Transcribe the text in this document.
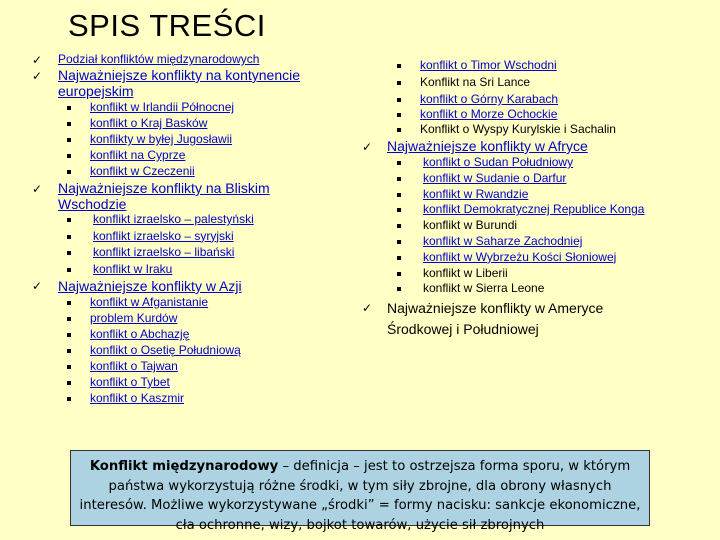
SPIS TREŚCI
✓ Podział konfliktów międzynarodowych
✓ Najważniejsze konflikty na kontynencie
europejskim
konflikt w Irlandii Północnej
konflikt o Kraj Basków
konflikty w byłej Jugosławii
konflikt na Cyprze
konflikt w Czeczenii
✓ Najważniejsze konflikty na Bliskim
Wschodzie
konflikt izraelsko – palestyński
konflikt izraelsko – syryjski
konflikt izraelsko – libański
konflikt w Iraku
✓ Najważniejsze konflikty w Azji
konflikt w Afganistanie
problem Kurdów
konflikt o Abchazję
konflikt o Osetię Południową
konflikt o Tajwan
konflikt o Tybet
konflikt o Kaszmir
konflikt o Timor Wschodni
Konflikt na Sri Lance
konflikt o Górny Karabach
konflikt o Morze Ochockie
Konflikt o Wyspy Kurylskie i Sachalin
✓ Najważniejsze konflikty w Afryce
konflikt o Sudan Południowy
konflikt w Sudanie o Darfur
konflikt w Rwandzie
konflikt Demokratycznej Republice Konga
konflikt w Burundi
konflikt w Saharze Zachodniej
konflikt w Wybrzeżu Kości Słoniowej
konflikt w Liberii
konflikt w Sierra Leone
✓ Najważniejsze konflikty w Ameryce
Środkowej i Południowej
Konflikt międzynarodowy – definicja – jest to ostrzejsza forma sporu, w którym państwa wykorzystują różne środki, w tym siły zbrojne, dla obrony własnych interesów. Możliwe wykorzystywane „środki” = formy nacisku: sankcje ekonomiczne, cła ochronne, wizy, bojkot towarów, użycie sił zbrojnych
